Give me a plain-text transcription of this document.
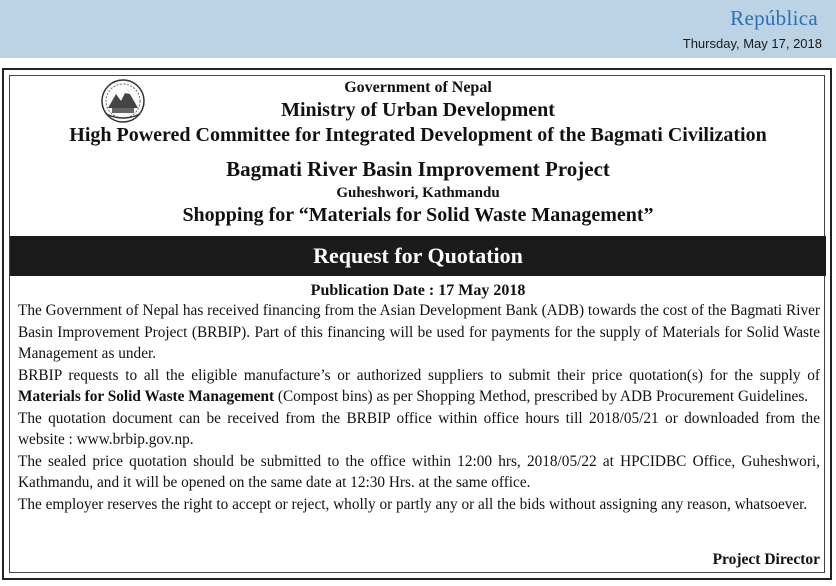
República
Thursday, May 17, 2018
Government of Nepal
Ministry of Urban Development
High Powered Committee for Integrated Development of the Bagmati Civilization
Bagmati River Basin Improvement Project
Guheshwori, Kathmandu
Shopping for “Materials for Solid Waste Management”
Request for Quotation
Publication Date : 17 May 2018

The Government of Nepal has received financing from the Asian Development Bank (ADB) towards the cost of the Bagmati River Basin Improvement Project (BRBIP). Part of this financing will be used for payments for the supply of Materials for Solid Waste Management as under.

BRBIP requests to all the eligible manufacture’s or authorized suppliers to submit their price quotation(s) for the supply of Materials for Solid Waste Management (Compost bins) as per Shopping Method, prescribed by ADB Procurement Guidelines.

The quotation document can be received from the BRBIP office within office hours till 2018/05/21 or downloaded from the website : www.brbip.gov.np.

The sealed price quotation should be submitted to the office within 12:00 hrs, 2018/05/22 at HPCIDBC Office, Guheshwori, Kathmandu, and it will be opened on the same date at 12:30 Hrs. at the same office.

The employer reserves the right to accept or reject, wholly or partly any or all the bids without assigning any reason, whatsoever.

Project Director
